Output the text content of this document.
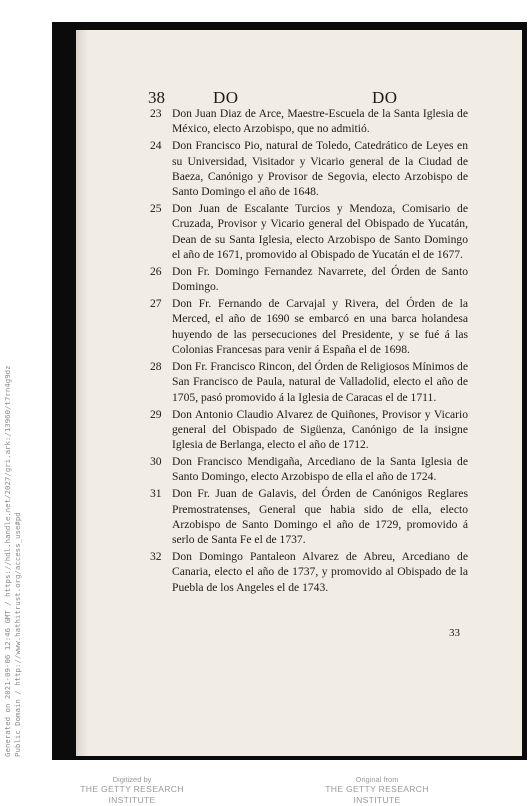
38	DO	DO
23 Don Juan Diaz de Arce, Maestre-Escuela de la Santa Iglesia de México, electo Arzobispo, que no admitió.
24 Don Francisco Pio, natural de Toledo, Catedrático de Leyes en su Universidad, Visitador y Vicario general de la Ciudad de Baeza, Canónigo y Provisor de Segovia, electo Arzobispo de Santo Domingo el año de 1648.
25 Don Juan de Escalante Turcios y Mendoza, Comisario de Cruzada, Provisor y Vicario general del Obispado de Yucatán, Dean de su Santa Iglesia, electo Arzobispo de Santo Domingo el año de 1671, promovido al Obispado de Yucatán el de 1677.
26 Don Fr. Domingo Fernandez Navarrete, del Órden de Santo Domingo.
27 Don Fr. Fernando de Carvajal y Rivera, del Órden de la Merced, el año de 1690 se embarcó en una barca holandesa huyendo de las persecuciones del Presidente, y se fué á las Colonias Francesas para venir á España el de 1698.
28 Don Fr. Francisco Rincon, del Órden de Religiosos Mínimos de San Francisco de Paula, natural de Valladolid, electo el año de 1705, pasó promovido á la Iglesia de Caracas el de 1711.
29 Don Antonio Claudio Alvarez de Quiñones, Provisor y Vicario general del Obispado de Sigüenza, Canónigo de la insigne Iglesia de Berlanga, electo el año de 1712.
30 Don Francisco Mendigaña, Arcediano de la Santa Iglesia de Santo Domingo, electo Arzobispo de ella el año de 1724.
31 Don Fr. Juan de Galavis, del Órden de Canónigos Reglares Premostratenses, General que habia sido de ella, electo Arzobispo de Santo Domingo el año de 1729, promovido á serlo de Santa Fe el de 1737.
32 Don Domingo Pantaleon Alvarez de Abreu, Arcediano de Canaria, electo el año de 1737, y promovido al Obispado de la Puebla de los Angeles el de 1743.
33
Generated on 2021-09-06 12:46 GMT / https://hdl.handle.net/2027/gri.ark:/13960/t7rn4g9dz Public Domain / http://www.hathitrust.org/access_use#pd
Digitized by
THE GETTY RESEARCH INSTITUTE
Original from
THE GETTY RESEARCH INSTITUTE
